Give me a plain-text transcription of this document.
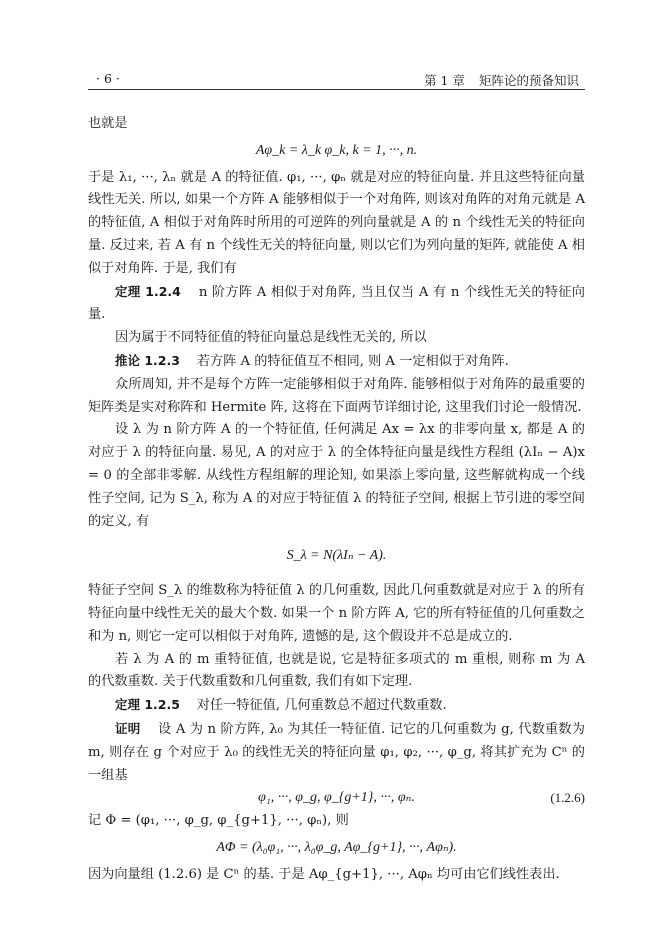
· 6 ·	第 1 章 矩阵论的预备知识

也就是

Aφ_k = λ_k φ_k, k = 1, ···, n.

于是 λ₁, ···, λₙ 就是 A 的特征值. φ₁, ···, φₙ 就是对应的特征向量. 并且这些特征向量线性无关. 所以, 如果一个方阵 A 能够相似于一个对角阵, 则该对角阵的对角元就是 A 的特征值, A 相似于对角阵时所用的可逆阵的列向量就是 A 的 n 个线性无关的特征向量. 反过来, 若 A 有 n 个线性无关的特征向量, 则以它们为列向量的矩阵, 就能使 A 相似于对角阵. 于是, 我们有

定理 1.2.4 n 阶方阵 A 相似于对角阵, 当且仅当 A 有 n 个线性无关的特征向量.

因为属于不同特征值的特征向量总是线性无关的, 所以

推论 1.2.3 若方阵 A 的特征值互不相同, 则 A 一定相似于对角阵.

众所周知, 并不是每个方阵一定能够相似于对角阵. 能够相似于对角阵的最重要的矩阵类是实对称阵和 Hermite 阵, 这将在下面两节详细讨论, 这里我们讨论一般情况.

设 λ 为 n 阶方阵 A 的一个特征值, 任何满足 Ax = λx 的非零向量 x, 都是 A 的对应于 λ 的特征向量. 易见, A 的对应于 λ 的全体特征向量是线性方程组 (λIₙ − A)x = 0 的全部非零解. 从线性方程组解的理论知, 如果添上零向量, 这些解就构成一个线性子空间, 记为 S_λ, 称为 A 的对应于特征值 λ 的特征子空间, 根据上节引进的零空间的定义, 有

S_λ = N(λIₙ − A).

特征子空间 S_λ 的维数称为特征值 λ 的几何重数, 因此几何重数就是对应于 λ 的所有特征向量中线性无关的最大个数. 如果一个 n 阶方阵 A, 它的所有特征值的几何重数之和为 n, 则它一定可以相似于对角阵, 遗憾的是, 这个假设并不总是成立的.

若 λ 为 A 的 m 重特征值, 也就是说, 它是特征多项式的 m 重根, 则称 m 为 A 的代数重数. 关于代数重数和几何重数, 我们有如下定理.

定理 1.2.5 对任一特征值, 几何重数总不超过代数重数.

证明 设 A 为 n 阶方阵, λ₀ 为其任一特征值. 记它的几何重数为 g, 代数重数为 m, 则存在 g 个对应于 λ₀ 的线性无关的特征向量 φ₁, φ₂, ···, φ_g, 将其扩充为 Cⁿ 的一组基

φ₁, ···, φ_g, φ_{g+1}, ···, φₙ.	(1.2.6)

记 Φ = (φ₁, ···, φ_g, φ_{g+1}, ···, φₙ), 则

AΦ = (λ₀φ₁, ···, λ₀φ_g, Aφ_{g+1}, ···, Aφₙ).

因为向量组 (1.2.6) 是 Cⁿ 的基. 于是 Aφ_{g+1}, ···, Aφₙ 均可由它们线性表出.
